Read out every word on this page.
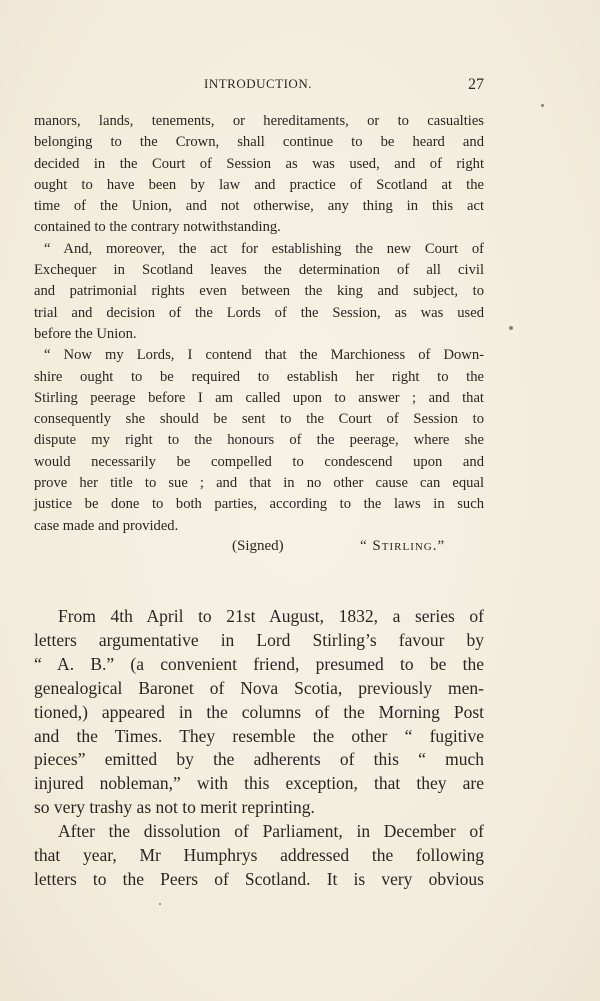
INTRODUCTION.	27
manors, lands, tenements, or hereditaments, or to casualties
belonging to the Crown, shall continue to be heard and
decided in the Court of Session as was used, and of right
ought to have been by law and practice of Scotland at the
time of the Union, and not otherwise, any thing in this act
contained to the contrary notwithstanding.
“ And, moreover, the act for establishing the new Court of
Exchequer in Scotland leaves the determination of all civil
and patrimonial rights even between the king and subject, to
trial and decision of the Lords of the Session, as was used
before the Union.
“ Now my Lords, I contend that the Marchioness of Down-
shire ought to be required to establish her right to the
Stirling peerage before I am called upon to answer ; and that
consequently she should be sent to the Court of Session to
dispute my right to the honours of the peerage, where she
would necessarily be compelled to condescend upon and
prove her title to sue ; and that in no other cause can equal
justice be done to both parties, according to the laws in such
case made and provided.
(Signed)	“ Stirling.”
From 4th April to 21st August, 1832, a series of
letters argumentative in Lord Stirling’s favour by
“ A. B.” (a convenient friend, presumed to be the
genealogical Baronet of Nova Scotia, previously men-
tioned,) appeared in the columns of the Morning Post
and the Times. They resemble the other “ fugitive
pieces” emitted by the adherents of this “ much
injured nobleman,” with this exception, that they are
so very trashy as not to merit reprinting.
After the dissolution of Parliament, in December of
that year, Mr Humphrys addressed the following
letters to the Peers of Scotland. It is very obvious
